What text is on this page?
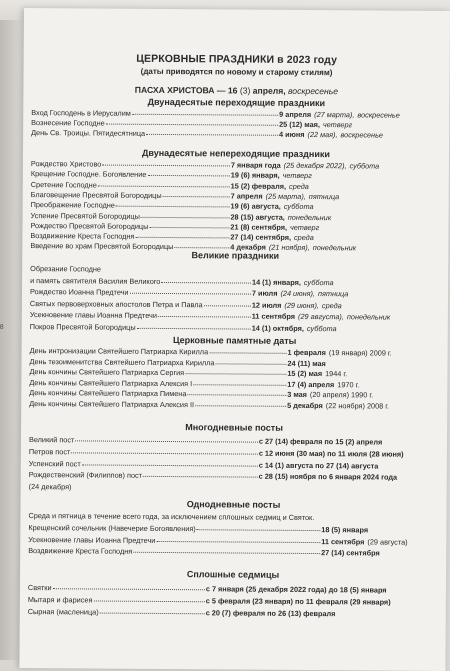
ЦЕРКОВНЫЕ ПРАЗДНИКИ в 2023 году
(даты приводятся по новому и старому стилям)
ПАСХА ХРИСТОВА — 16 (3) апреля, воскресенье
Двунадесятые переходящие праздники
Вход Господень в Иерусалим	9 апреля (27 марта), воскресенье
Вознесение Господне	25 (12) мая, четверг
День Св. Троицы. Пятидесятница	4 июня (22 мая), воскресенье
Двунадесятые непереходящие праздники
Рождество Христово	7 января года (25 декабря 2022), суббота
Крещение Господне. Богоявление	19 (6) января, четверг
Сретение Господне	15 (2) февраля, среда
Благовещение Пресвятой Богородицы	7 апреля (25 марта), пятница
Преображение Господне	19 (6) августа, суббота
Успение Пресвятой Богородицы	28 (15) августа, понедельник
Рождество Пресвятой Богородицы	21 (8) сентября, четверг
Воздвижение Креста Господня	27 (14) сентября, среда
Введение во храм Пресвятой Богородицы	4 декабря (21 ноября), понедельник
Великие праздники
Обрезание Господне
и память святителя Василия Великого	14 (1) января, суббота
Рождество Иоанна Предтечи	7 июля (24 июня), пятница
Святых первоверховных апостолов Петра и Павла	12 июля (29 июня), среда
Усекновение главы Иоанна Предтечи	11 сентября (29 августа), понедельник
Покров Пресвятой Богородицы	14 (1) октября, суббота
Церковные памятные даты
День интронизации Святейшего Патриарха Кирилла	1 февраля (19 января) 2009 г.
День тезоименитства Святейшего Патриарха Кирилла	24 (11) мая
День кончины Святейшего Патриарха Сергия	15 (2) мая 1944 г.
День кончины Святейшего Патриарха Алексия I	17 (4) апреля 1970 г.
День кончины Святейшего Патриарха Пимена	3 мая (20 апреля) 1990 г.
День кончины Святейшего Патриарха Алексия II	5 декабря (22 ноября) 2008 г.
Многодневные посты
Великий пост	с 27 (14) февраля по 15 (2) апреля
Петров пост	с 12 июня (30 мая) по 11 июля (28 июня)
Успенский пост	с 14 (1) августа по 27 (14) августа
Рождественский (Филиппов) пост	с 28 (15) ноября по 6 января 2024 года
(24 декабря)
Однодневные посты
Среда и пятница в течение всего года, за исключением сплошных седмиц и Святок.
Крещенский сочельник (Навечерие Богоявления)	18 (5) января
Усекновение главы Иоанна Предтечи	11 сентября (29 августа)
Воздвижение Креста Господня	27 (14) сентября
Сплошные седмицы
Святки	с 7 января (25 декабря 2022 года) до 18 (5) января
Мытаря и фарисея	с 5 февраля (23 января) по 11 февраля (29 января)
Сырная (масленица)	с 20 (7) февраля по 26 (13) февраля
8
